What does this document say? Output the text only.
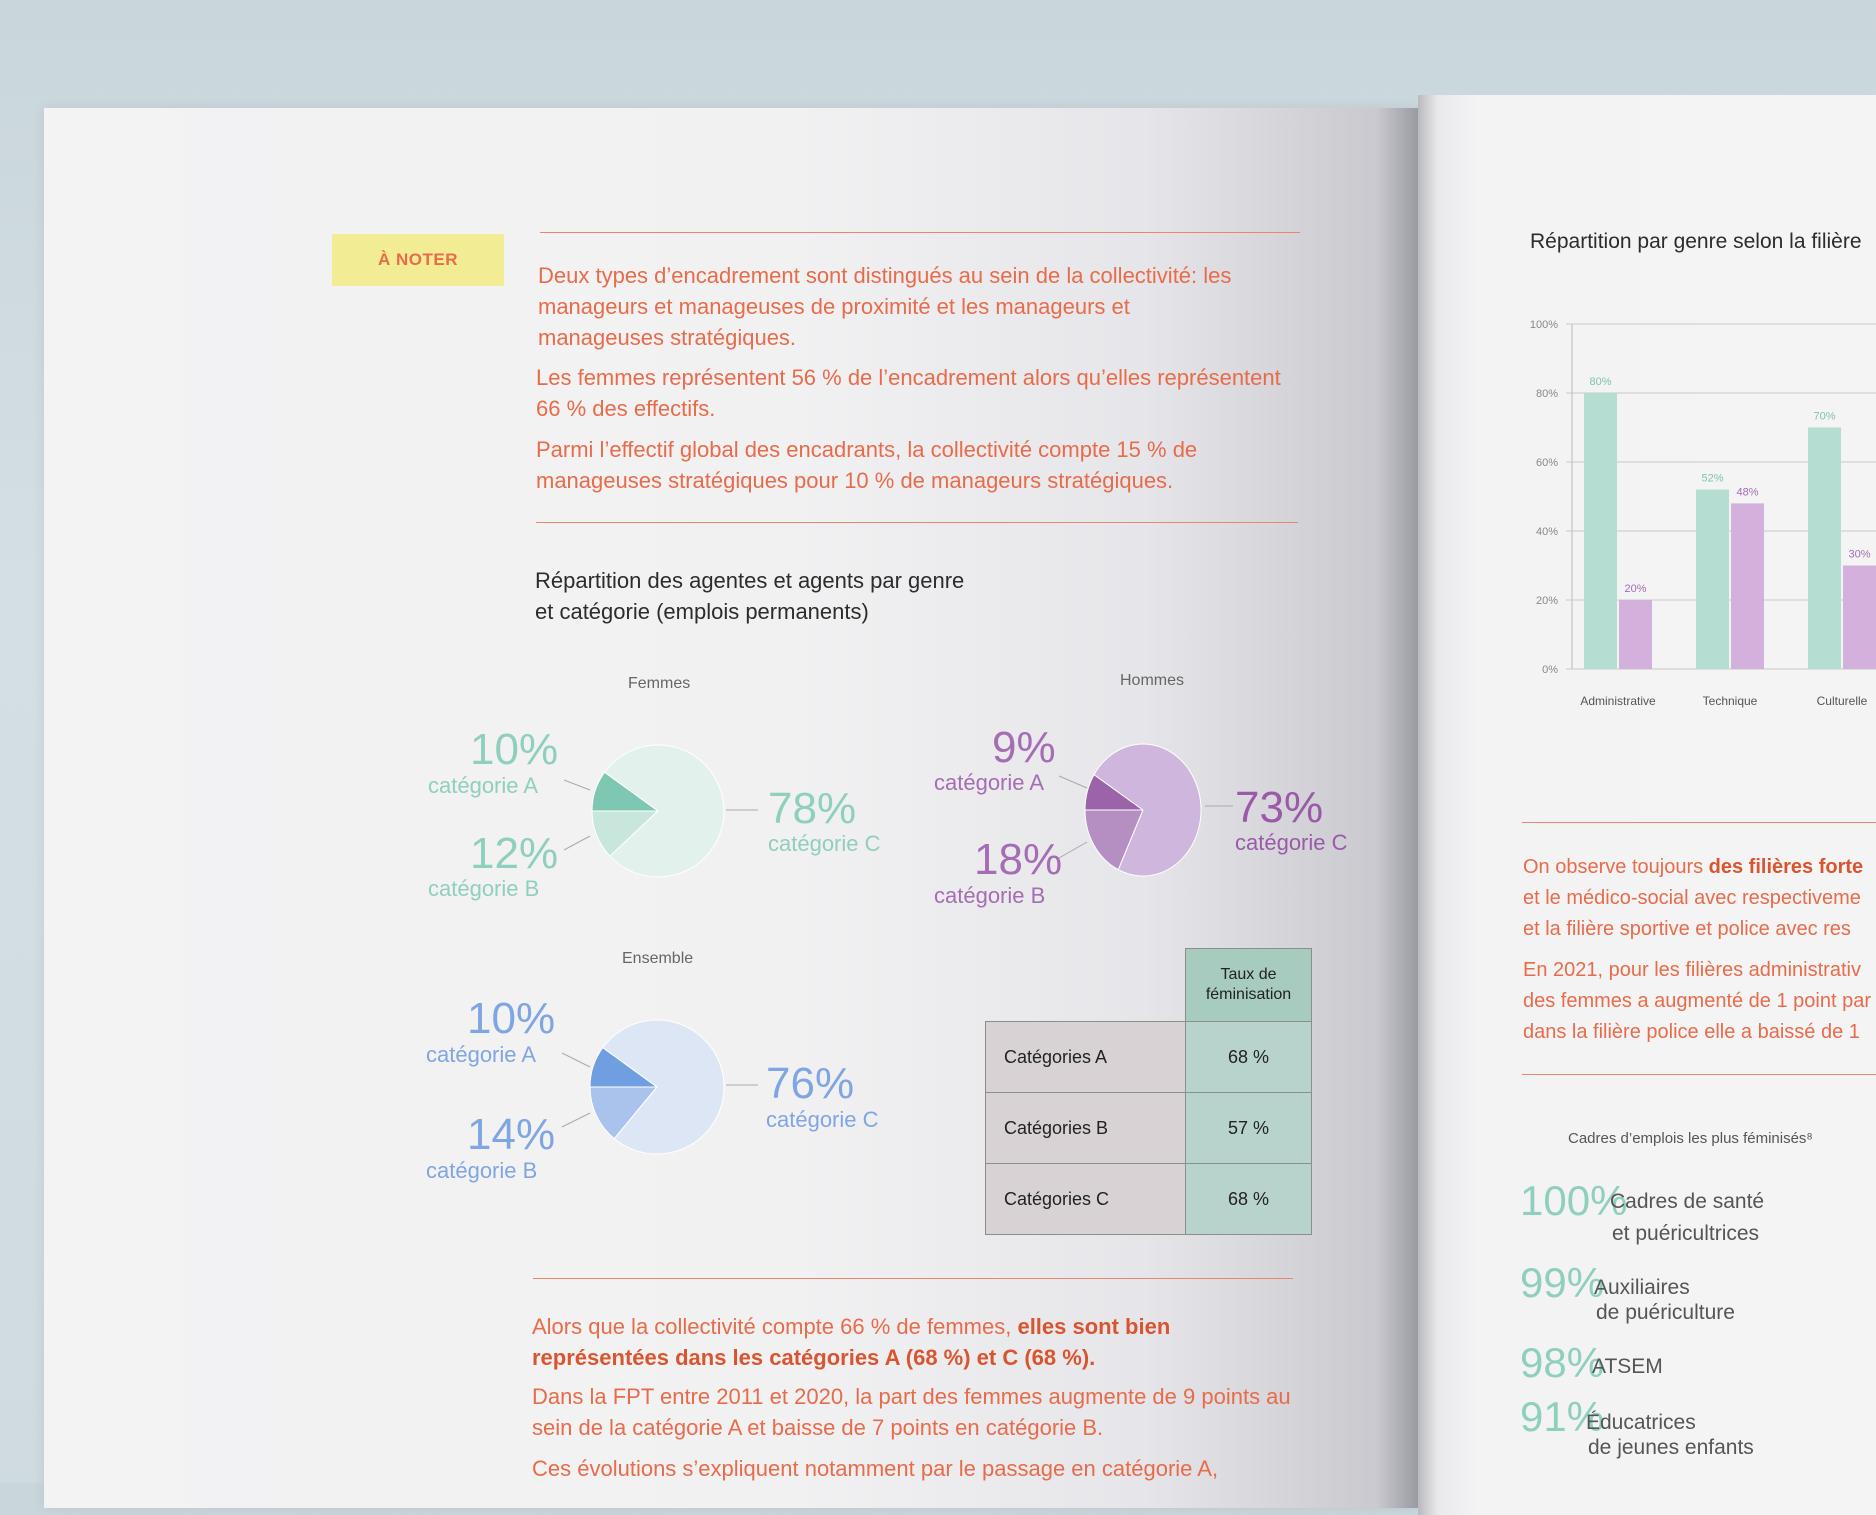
À NOTER

Deux types d’encadrement sont distingués au sein de la collectivité: les manageurs et manageuses de proximité et les manageurs et manageuses stratégiques.

Les femmes représentent 56 % de l’encadrement alors qu’elles représentent 66 % des effectifs.

Parmi l’effectif global des encadrants, la collectivité compte 15 % de manageuses stratégiques pour 10 % de manageurs stratégiques.

Répartition des agentes et agents par genre
et catégorie (emplois permanents)
Femmes
10%
catégorie A
12%
catégorie B
78%
catégorie C
Hommes
9%
catégorie A
18%
catégorie B
73%
catégorie C
Ensemble
10%
catégorie A
14%
catégorie B
76%
catégorie C
	Taux de féminisation
Catégories A	68 %
Catégories B	57 %
Catégories C	68 %

Alors que la collectivité compte 66 % de femmes, elles sont bien représentées dans les catégories A (68 %) et C (68 %).

Dans la FPT entre 2011 et 2020, la part des femmes augmente de 9 points au sein de la catégorie A et baisse de 7 points en catégorie B.

Ces évolutions s’expliquent notamment par le passage en catégorie A,

Répartition par genre selon la filière
0%
20%
40%
60%
80%
100%
80%
20%
Administrative
52%
48%
Technique
70%
30%
Culturelle
On observe toujours des filières forte
et le médico-social avec respectiveme
et la filière sportive et police avec res
En 2021, pour les filières administrativ
des femmes a augmenté de 1 point par
dans la filière police elle a baissé de 1
Cadres d’emplois les plus féminisés⁸
100%
Cadres de santé
et puéricultrices
99%
Auxiliaires
de puériculture
98%
ATSEM
91%
Éducatrices
de jeunes enfants
